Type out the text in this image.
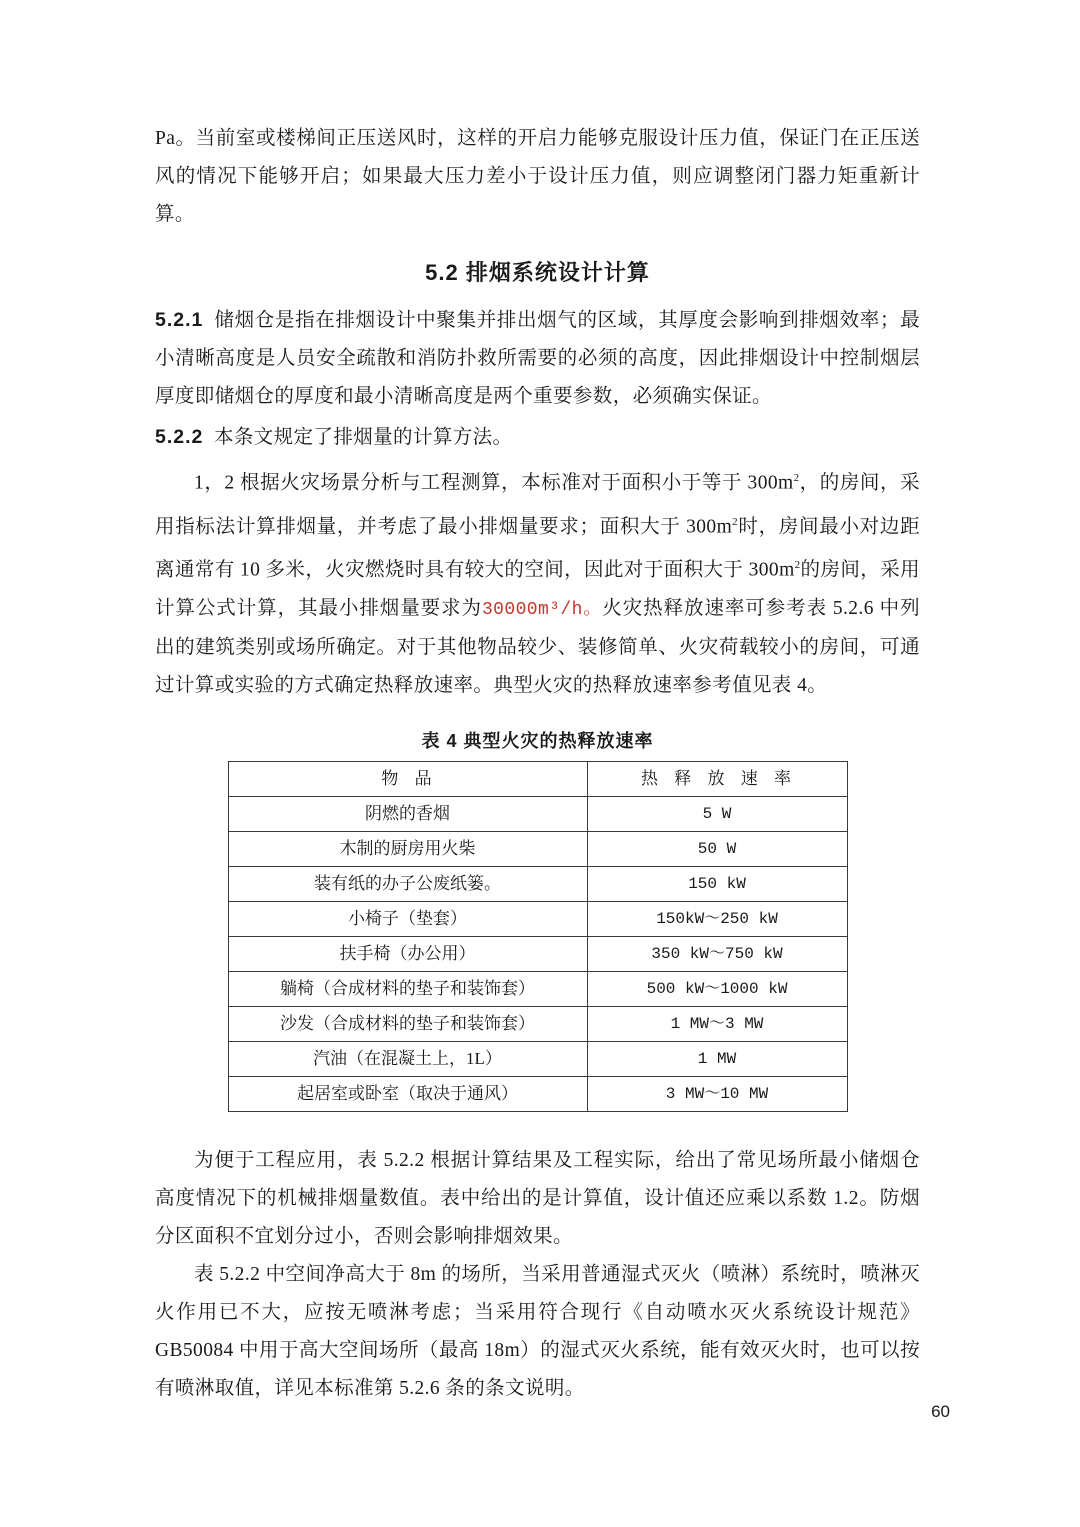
Pa。当前室或楼梯间正压送风时，这样的开启力能够克服设计压力值，保证门在正压送风的情况下能够开启；如果最大压力差小于设计压力值，则应调整闭门器力矩重新计算。

5.2 排烟系统设计计算

5.2.1 储烟仓是指在排烟设计中聚集并排出烟气的区域，其厚度会影响到排烟效率；最小清晰高度是人员安全疏散和消防扑救所需要的必须的高度，因此排烟设计中控制烟层厚度即储烟仓的厚度和最小清晰高度是两个重要参数，必须确实保证。

5.2.2 本条文规定了排烟量的计算方法。

1，2 根据火灾场景分析与工程测算，本标准对于面积小于等于 $300m^2$，的房间，采用指标法计算排烟量，并考虑了最小排烟量要求；面积大于 $300m^2$时，房间最小对边距离通常有 10 多米，火灾燃烧时具有较大的空间，因此对于面积大于 $300m^2$的房间，采用计算公式计算，其最小排烟量要求为30000m³/h。火灾热释放速率可参考表 5.2.6 中列出的建筑类别或场所确定。对于其他物品较少、装修简单、火灾荷载较小的房间，可通过计算或实验的方式确定热释放速率。典型火灾的热释放速率参考值见表 4。

表 4 典型火灾的热释放速率
物 品	热 释 放 速 率
阴燃的香烟	5 W
木制的厨房用火柴	50 W
装有纸的办子公废纸篓。	150 kW
小椅子（垫套）	150kW～250 kW
扶手椅（办公用）	350 kW～750 kW
躺椅（合成材料的垫子和装饰套）	500 kW～1000 kW
沙发（合成材料的垫子和装饰套）	1 MW～3 MW
汽油（在混凝土上，1L）	1 MW
起居室或卧室（取决于通风）	3 MW～10 MW

为便于工程应用，表 5.2.2 根据计算结果及工程实际，给出了常见场所最小储烟仓高度情况下的机械排烟量数值。表中给出的是计算值，设计值还应乘以系数 1.2。防烟分区面积不宜划分过小，否则会影响排烟效果。

表 5.2.2 中空间净高大于 8m 的场所，当采用普通湿式灭火（喷淋）系统时，喷淋灭火作用已不大，应按无喷淋考虑；当采用符合现行《自动喷水灭火系统设计规范》GB50084 中用于高大空间场所（最高 18m）的湿式灭火系统，能有效灭火时，也可以按有喷淋取值，详见本标准第 5.2.6 条的条文说明。

60
